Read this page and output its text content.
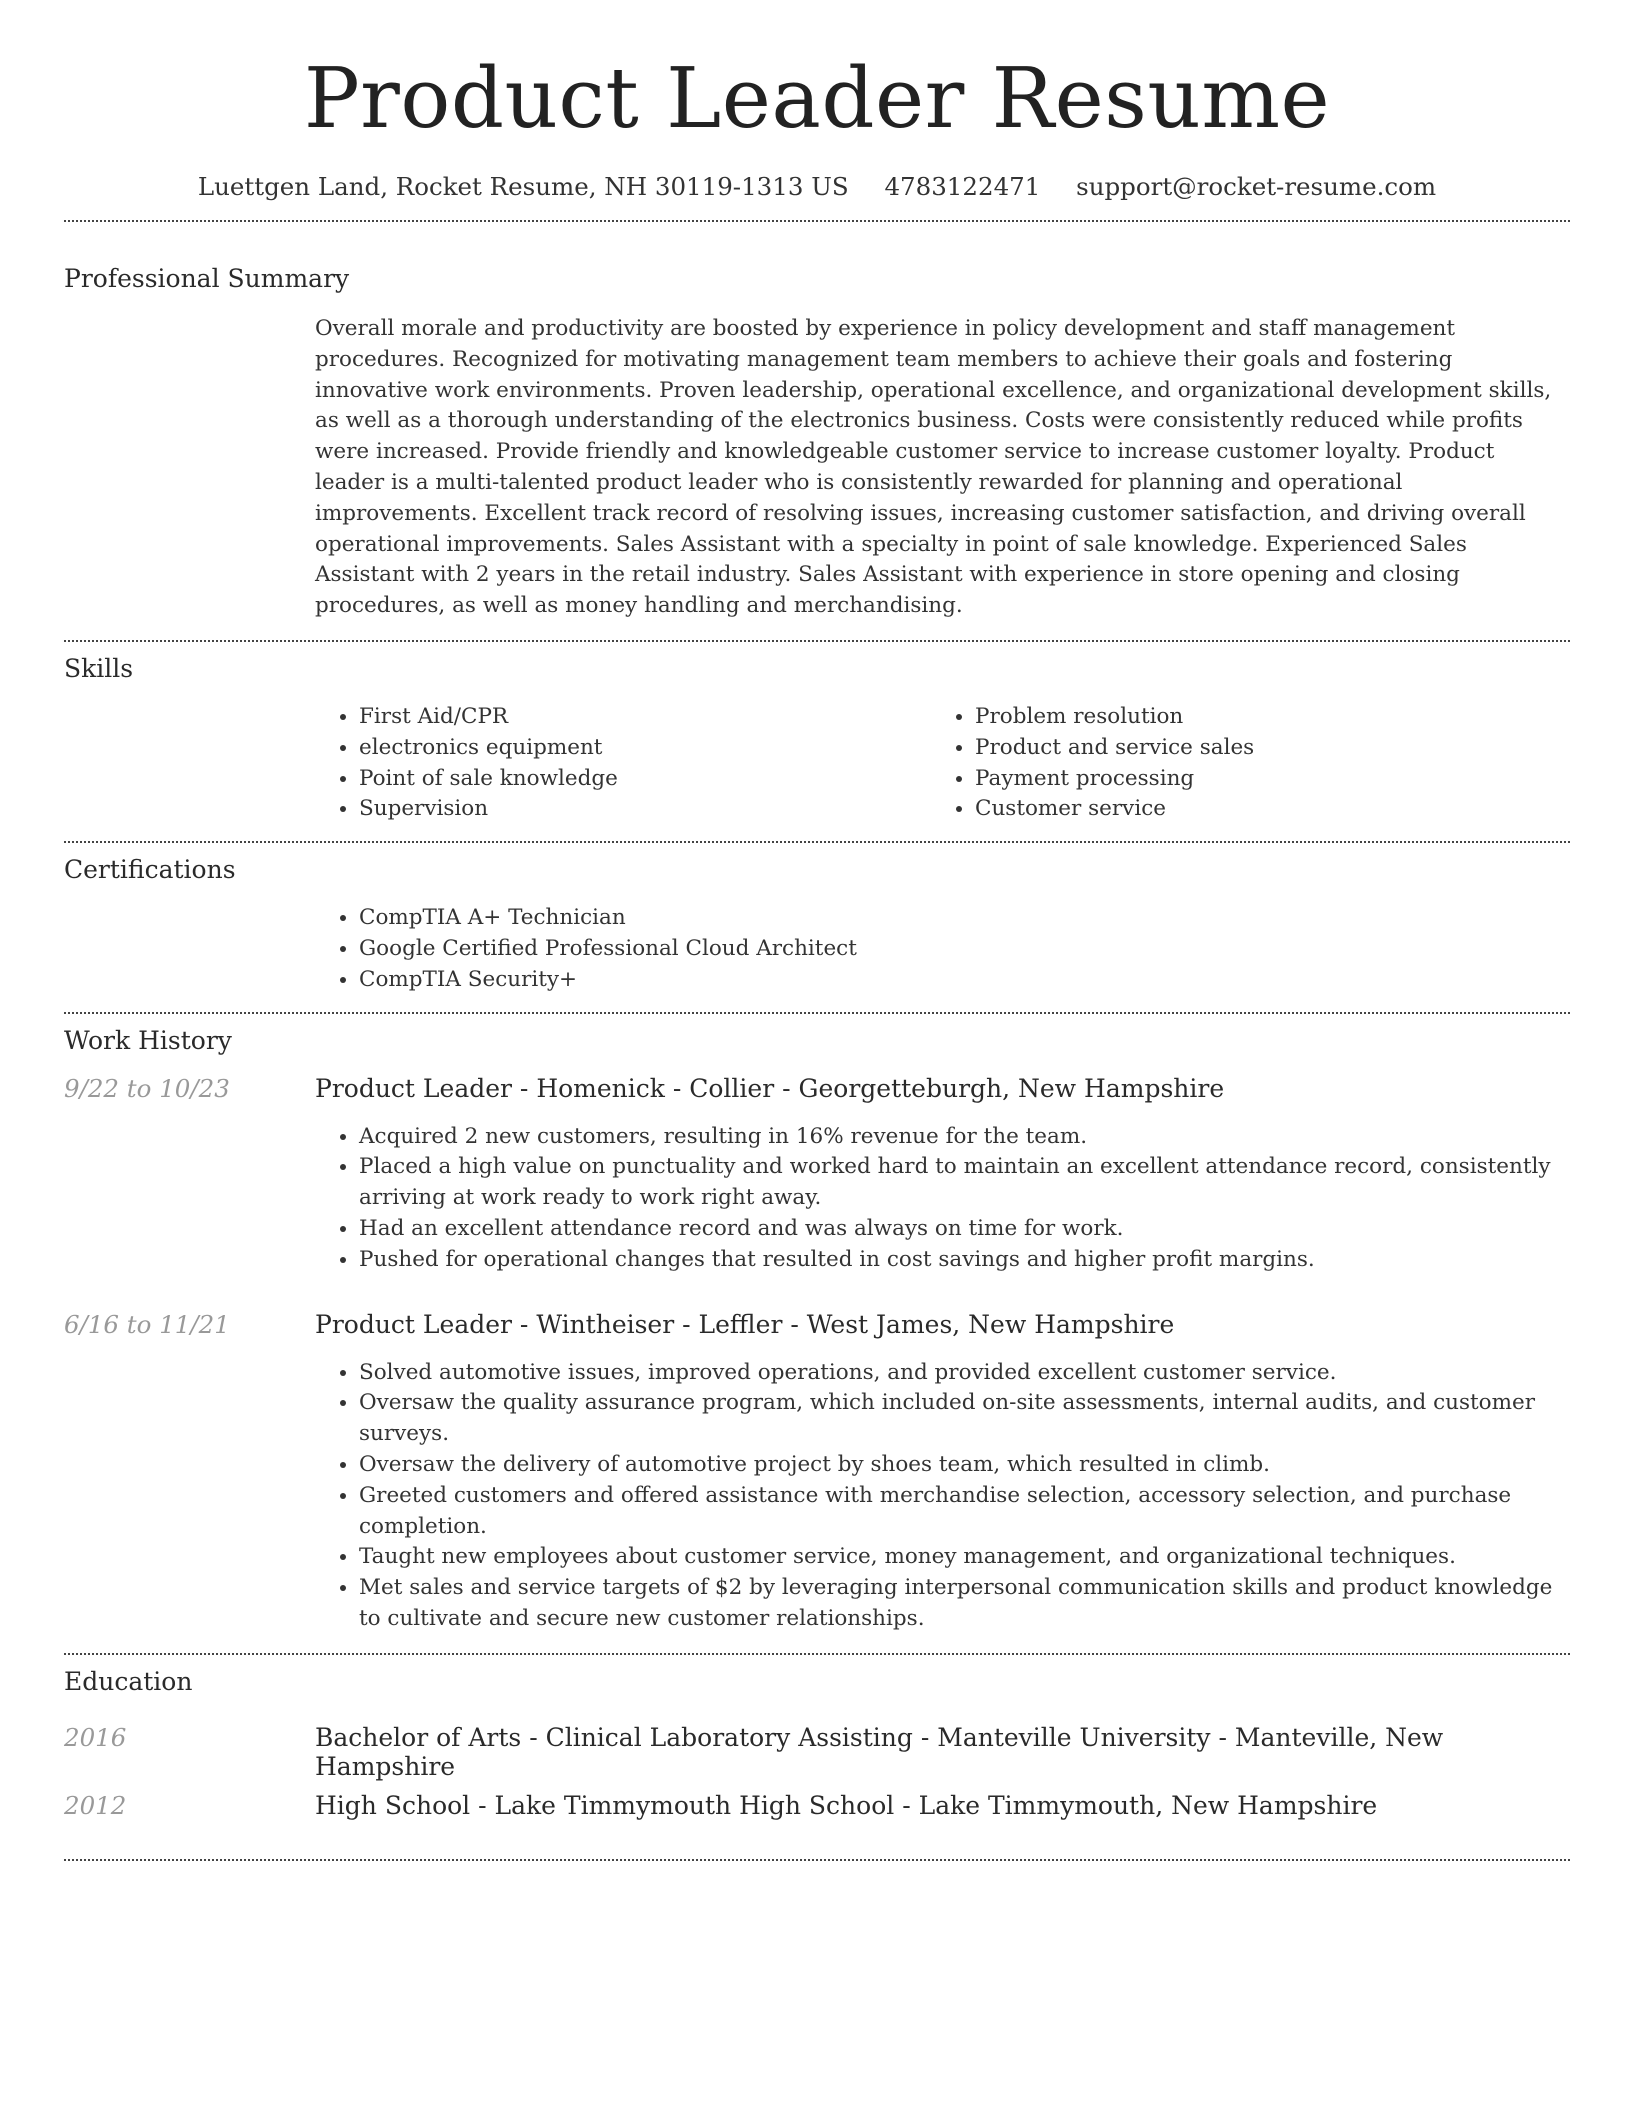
Product Leader Resume
Luettgen Land, Rocket Resume, NH 30119-1313 US 4783122471 support@rocket-resume.com
Professional Summary
Overall morale and productivity are boosted by experience in policy development and staff management procedures. Recognized for motivating management team members to achieve their goals and fostering innovative work environments. Proven leadership, operational excellence, and organizational development skills, as well as a thorough understanding of the electronics business. Costs were consistently reduced while profits were increased. Provide friendly and knowledgeable customer service to increase customer loyalty. Product leader is a multi-talented product leader who is consistently rewarded for planning and operational improvements. Excellent track record of resolving issues, increasing customer satisfaction, and driving overall operational improvements. Sales Assistant with a specialty in point of sale knowledge. Experienced Sales Assistant with 2 years in the retail industry. Sales Assistant with experience in store opening and closing procedures, as well as money handling and merchandising.
Skills
• First Aid/CPR
• electronics equipment
• Point of sale knowledge
• Supervision
• Problem resolution
• Product and service sales
• Payment processing
• Customer service
Certifications
• CompTIA A+ Technician
• Google Certified Professional Cloud Architect
• CompTIA Security+
Work History
9/22 to 10/23	Product Leader - Homenick - Collier - Georgetteburgh, New Hampshire
• Acquired 2 new customers, resulting in 16% revenue for the team.
• Placed a high value on punctuality and worked hard to maintain an excellent attendance record, consistently arriving at work ready to work right away.
• Had an excellent attendance record and was always on time for work.
• Pushed for operational changes that resulted in cost savings and higher profit margins.
6/16 to 11/21	Product Leader - Wintheiser - Leffler - West James, New Hampshire
• Solved automotive issues, improved operations, and provided excellent customer service.
• Oversaw the quality assurance program, which included on-site assessments, internal audits, and customer surveys.
• Oversaw the delivery of automotive project by shoes team, which resulted in climb.
• Greeted customers and offered assistance with merchandise selection, accessory selection, and purchase completion.
• Taught new employees about customer service, money management, and organizational techniques.
• Met sales and service targets of $2 by leveraging interpersonal communication skills and product knowledge to cultivate and secure new customer relationships.
Education
2016	Bachelor of Arts - Clinical Laboratory Assisting - Manteville University - Manteville, New Hampshire
2012	High School - Lake Timmymouth High School - Lake Timmymouth, New Hampshire
